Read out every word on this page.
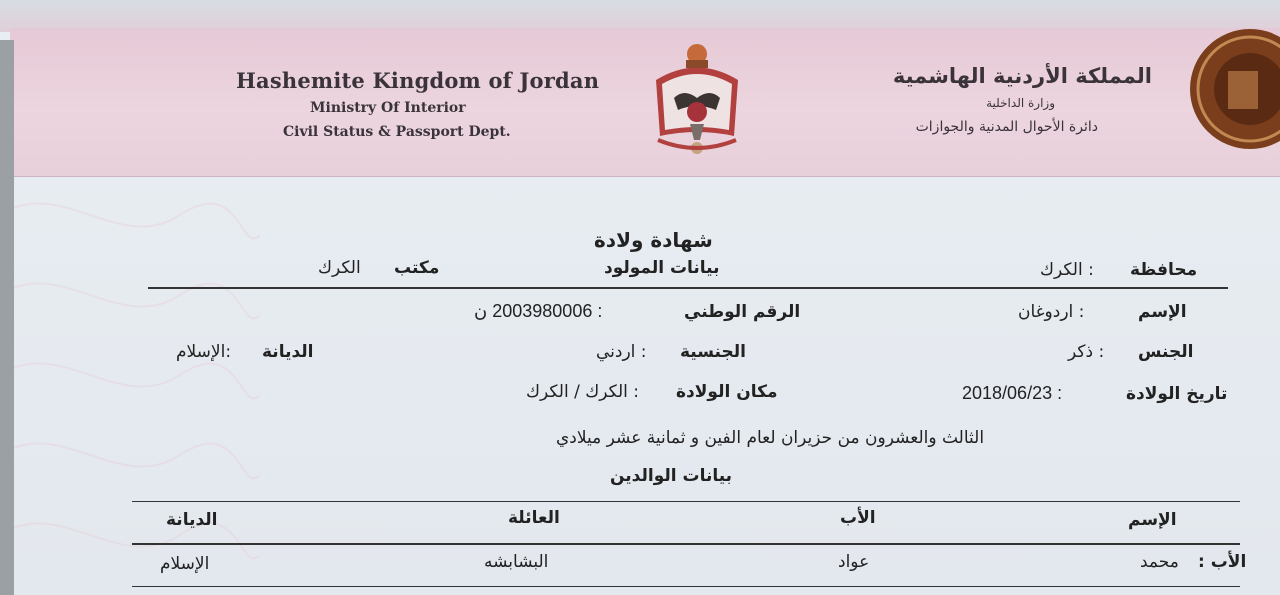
Hashemite Kingdom of Jordan
Ministry Of Interior
Civil Status & Passport Dept.
المملكة الأردنية الهاشمية
وزارة الداخلية
دائرة الأحوال المدنية والجوازات
شهادة ولادة
بيانات المولود
مكتب
الكرك	محافظة
: الكرك
الإسم
: اردوغان
الرقم الوطني
: 2003980006 ن
الجنس
: ذكر
الجنسية
: اردني
الديانة
:الإسلام
تاريخ الولادة
: 2018/06/23
مكان الولادة
: الكرك / الكرك
الثالث والعشرون من حزيران لعام الفين و ثمانية عشر ميلادي
بيانات الوالدين
الإسم
الأب
العائلة
الديانة
الأب :
محمد
عواد
البشابشه
الإسلام
